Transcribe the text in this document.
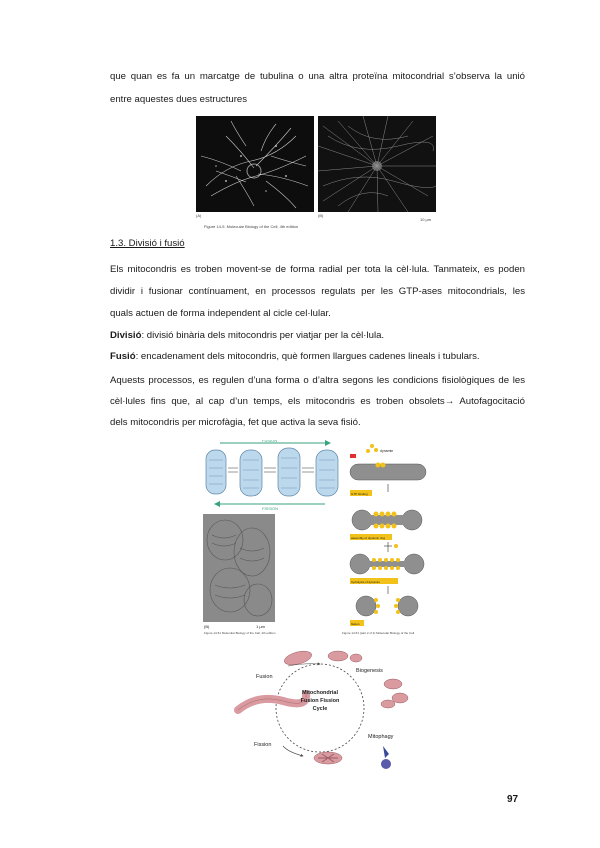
que quan es fa un marcatge de tubulina o una altra proteïna mitocondrial s’observa la unió
entre aquestes dues estructures
(A)	(B)
10 μm
Figure 14-5. Molecular Biology of the Cell, 4th edition
1.3. Divisió i fusió
Els mitocondris es troben movent-se de forma radial per tota la cèl·lula. Tanmateix, es poden
dividir i fusionar contínuament, en processos regulats per les GTP-ases mitocondrials, les
quals actuen de forma independent al cicle cel·lular.
Divisió: divisió binària dels mitocondris per viatjar per la cèl·lula.
Fusió: encadenament dels mitocondris, què formen llargues cadenes lineals i tubulars.
Aquests processos, es regulen d’una forma o d’altra segons les condicions fisiològiques de les
cèl·lules fins que, al cap d’un temps, els mitocondris es troben obsolets→ Autofagocitació
dels mitocondris per microfàgia, fet que activa la seva fisió.
FUSION
FISSION
(B)	1 μm
dynamin
GTP binding
assembly of dynamin ring
hydrolysis of dynamin
fission
Figure 14-51 Molecular Biology of the Cell, 4th edition	Figure 14-51 (part 2 of 2) Molecular Biology of the Cell
Fusion
Biogenesis
Fission
Mitophagy
Mitochondrial
Fusion Fission
Cycle
97
